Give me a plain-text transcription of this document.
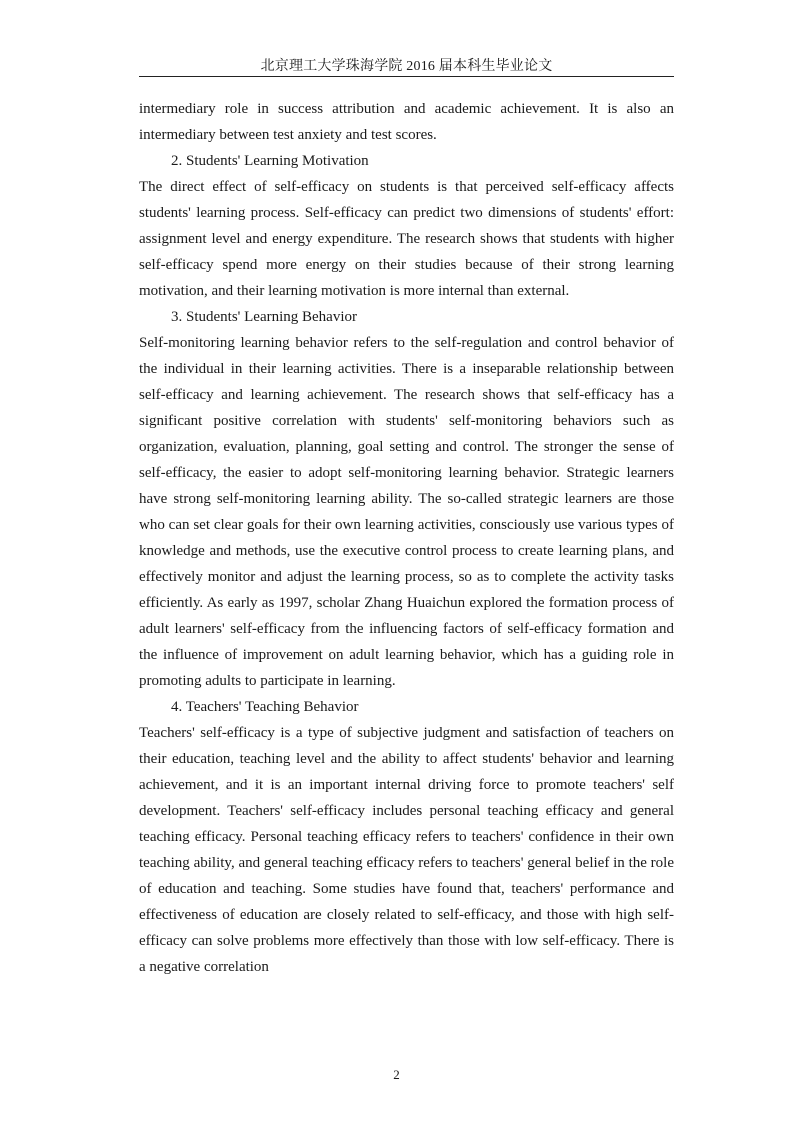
北京理工大学珠海学院 2016 届本科生毕业论文

intermediary role in success attribution and academic achievement. It is also an intermediary between test anxiety and test scores.

2. Students' Learning Motivation

The direct effect of self-efficacy on students is that perceived self-efficacy affects students' learning process. Self-efficacy can predict two dimensions of students' effort: assignment level and energy expenditure. The research shows that students with higher self-efficacy spend more energy on their studies because of their strong learning motivation, and their learning motivation is more internal than external.

3. Students' Learning Behavior

Self-monitoring learning behavior refers to the self-regulation and control behavior of the individual in their learning activities. There is a inseparable relationship between self-efficacy and learning achievement. The research shows that self-efficacy has a significant positive correlation with students' self-monitoring behaviors such as organization, evaluation, planning, goal setting and control. The stronger the sense of self-efficacy, the easier to adopt self-monitoring learning behavior. Strategic learners have strong self-monitoring learning ability. The so-called strategic learners are those who can set clear goals for their own learning activities, consciously use various types of knowledge and methods, use the executive control process to create learning plans, and effectively monitor and adjust the learning process, so as to complete the activity tasks efficiently. As early as 1997, scholar Zhang Huaichun explored the formation process of adult learners' self-efficacy from the influencing factors of self-efficacy formation and the influence of improvement on adult learning behavior, which has a guiding role in promoting adults to participate in learning.

4. Teachers' Teaching Behavior

Teachers' self-efficacy is a type of subjective judgment and satisfaction of teachers on their education, teaching level and the ability to affect students' behavior and learning achievement, and it is an important internal driving force to promote teachers' self development. Teachers' self-efficacy includes personal teaching efficacy and general teaching efficacy. Personal teaching efficacy refers to teachers' confidence in their own teaching ability, and general teaching efficacy refers to teachers' general belief in the role of education and teaching. Some studies have found that, teachers' performance and effectiveness of education are closely related to self-efficacy, and those with high self-efficacy can solve problems more effectively than those with low self-efficacy. There is a negative correlation

2
